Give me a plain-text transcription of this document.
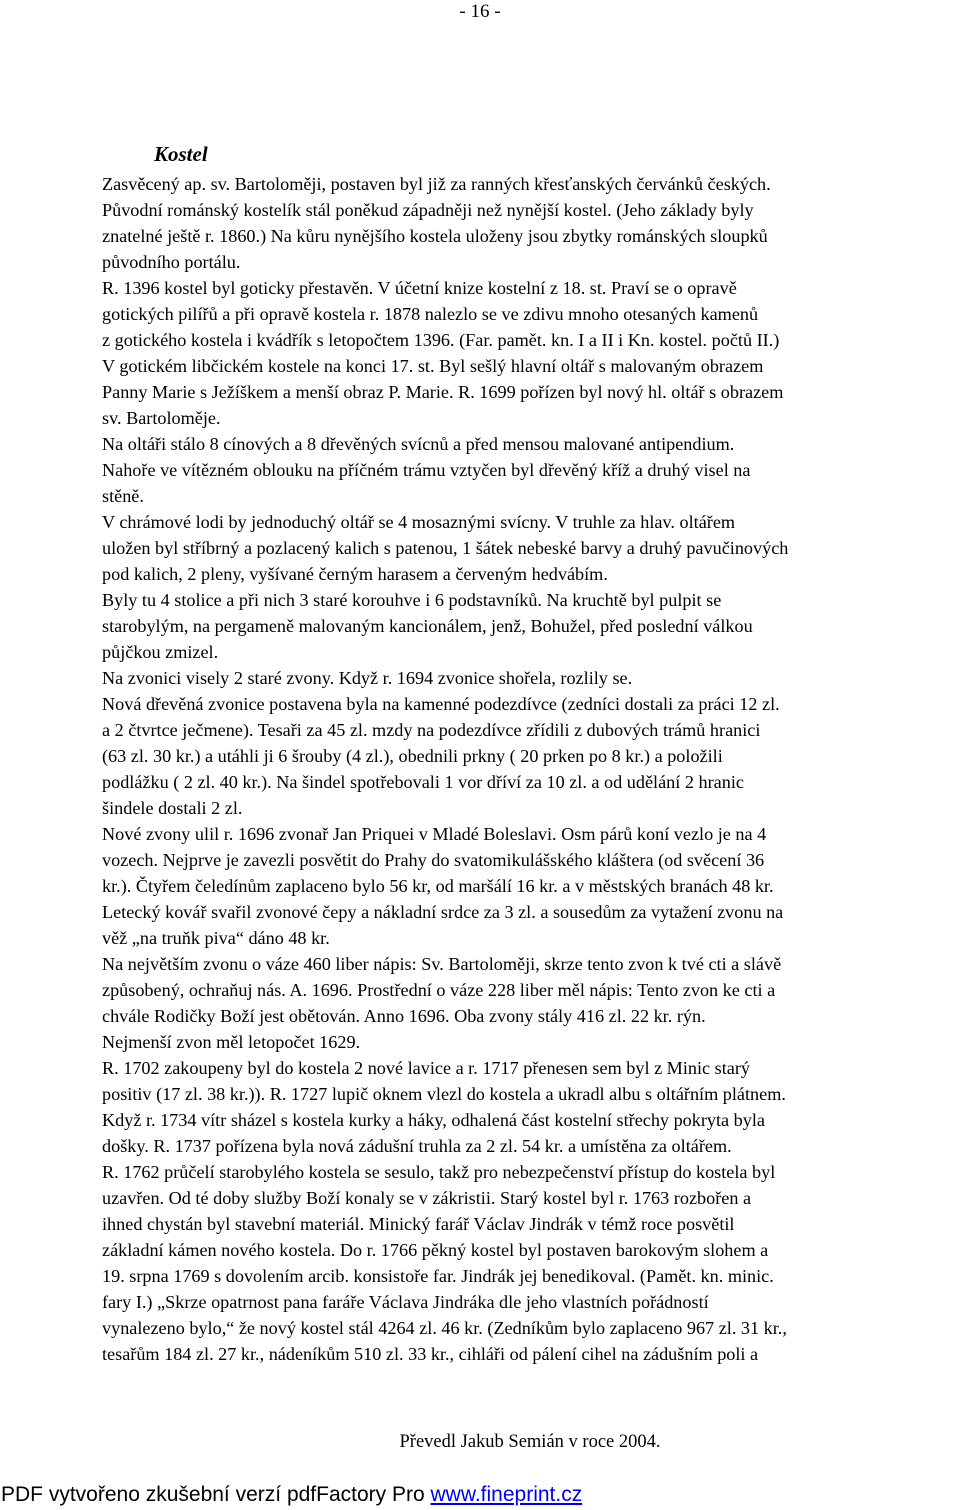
- 16 -
Kostel
Zasvěcený ap. sv. Bartoloměji, postaven byl již za ranných křesťanských červánků českých.
Původní románský kostelík stál poněkud západněji než nynější kostel. (Jeho základy byly
znatelné ještě r. 1860.) Na kůru nynějšího kostela uloženy jsou zbytky románských sloupků
původního portálu.
R. 1396 kostel byl goticky přestavěn. V účetní knize kostelní z 18. st. Praví se o opravě
gotických pilířů a při opravě kostela r. 1878 nalezlo se ve zdivu mnoho otesaných kamenů
z gotického kostela i kvádřík s letopočtem 1396. (Far. pamět. kn. I a II i Kn. kostel. počtů II.)
V gotickém libčickém kostele na konci 17. st. Byl sešlý hlavní oltář s malovaným obrazem
Panny Marie s Ježíškem a menší obraz P. Marie. R. 1699 pořízen byl nový hl. oltář s obrazem
sv. Bartoloměje.
Na oltáři stálo 8 cínových a 8 dřevěných svícnů a před mensou malované antipendium.
Nahoře ve vítězném oblouku na příčném trámu vztyčen byl dřevěný kříž a druhý visel na
stěně.
V chrámové lodi by jednoduchý oltář se 4 mosaznými svícny. V truhle za hlav. oltářem
uložen byl stříbrný a pozlacený kalich s patenou, 1 šátek nebeské barvy a druhý pavučinových
pod kalich, 2 pleny, vyšívané černým harasem a červeným hedvábím.
Byly tu 4 stolice a při nich 3 staré korouhve i 6 podstavníků. Na kruchtě byl pulpit se
starobylým, na pergameně malovaným kancionálem, jenž, Bohužel, před poslední válkou
půjčkou zmizel.
Na zvonici visely 2 staré zvony. Když r. 1694 zvonice shořela, rozlily se.
Nová dřevěná zvonice postavena byla na kamenné podezdívce (zedníci dostali za práci 12 zl.
a 2 čtvrtce ječmene). Tesaři za 45 zl. mzdy na podezdívce zřídili z dubových trámů hranici
(63 zl. 30 kr.) a utáhli ji 6 šrouby (4 zl.), obednili prkny ( 20 prken po 8 kr.) a položili
podlážku ( 2 zl. 40 kr.). Na šindel spotřebovali 1 vor dříví za 10 zl. a od udělání 2 hranic
šindele dostali 2 zl.
Nové zvony ulil r. 1696 zvonař Jan Priquei v Mladé Boleslavi. Osm párů koní vezlo je na 4
vozech. Nejprve je zavezli posvětit do Prahy do svatomikulášského kláštera (od svěcení 36
kr.). Čtyřem čeledínům zaplaceno bylo 56 kr, od maršálí 16 kr. a v městských branách 48 kr.
Letecký kovář svařil zvonové čepy a nákladní srdce za 3 zl. a sousedům za vytažení zvonu na
věž „na truňk piva“ dáno 48 kr.
Na největším zvonu o váze 460 liber nápis: Sv. Bartoloměji, skrze tento zvon k tvé cti a slávě
způsobený, ochraňuj nás. A. 1696. Prostřední o váze 228 liber měl nápis: Tento zvon ke cti a
chvále Rodičky Boží jest obětován. Anno 1696. Oba zvony stály 416 zl. 22 kr. rýn.
Nejmenší zvon měl letopočet 1629.
R. 1702 zakoupeny byl do kostela 2 nové lavice a r. 1717 přenesen sem byl z Minic starý
positiv (17 zl. 38 kr.)). R. 1727 lupič oknem vlezl do kostela a ukradl albu s oltářním plátnem.
Když r. 1734 vítr sházel s kostela kurky a háky, odhalená část kostelní střechy pokryta byla
došky. R. 1737 pořízena byla nová zádušní truhla za 2 zl. 54 kr. a umístěna za oltářem.
R. 1762 průčelí starobylého kostela se sesulo, takž pro nebezpečenství přístup do kostela byl
uzavřen. Od té doby služby Boží konaly se v zákristii. Starý kostel byl r. 1763 rozbořen a
ihned chystán byl stavební materiál. Minický farář Václav Jindrák v témž roce posvětil
základní kámen nového kostela. Do r. 1766 pěkný kostel byl postaven barokovým slohem a
19. srpna 1769 s dovolením arcib. konsistoře far. Jindrák jej benedikoval. (Pamět. kn. minic.
fary I.) „Skrze opatrnost pana faráře Václava Jindráka dle jeho vlastních pořádností
vynalezeno bylo,“ že nový kostel stál 4264 zl. 46 kr. (Zedníkům bylo zaplaceno 967 zl. 31 kr.,
tesařům 184 zl. 27 kr., nádeníkům 510 zl. 33 kr., cihláři od pálení cihel na zádušním poli a
Převedl Jakub Semián v roce 2004.
PDF vytvořeno zkušební verzí pdfFactory Pro www.fineprint.cz
